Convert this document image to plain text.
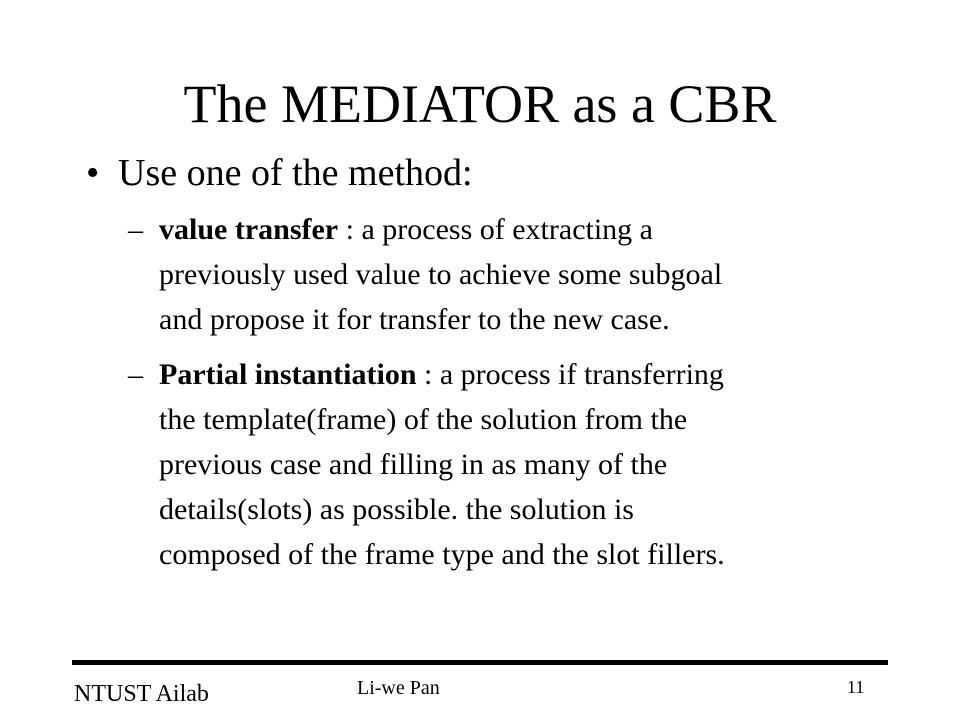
The MEDIATOR as a CBR
• Use one of the method:
– value transfer : a process of extracting a
previously used value to achieve some subgoal
and propose it for transfer to the new case.
– Partial instantiation : a process if transferring
the template(frame) of the solution from the
previous case and filling in as many of the
details(slots) as possible. the solution is
composed of the frame type and the slot fillers.
NTUST Ailab	Li-we Pan	11
